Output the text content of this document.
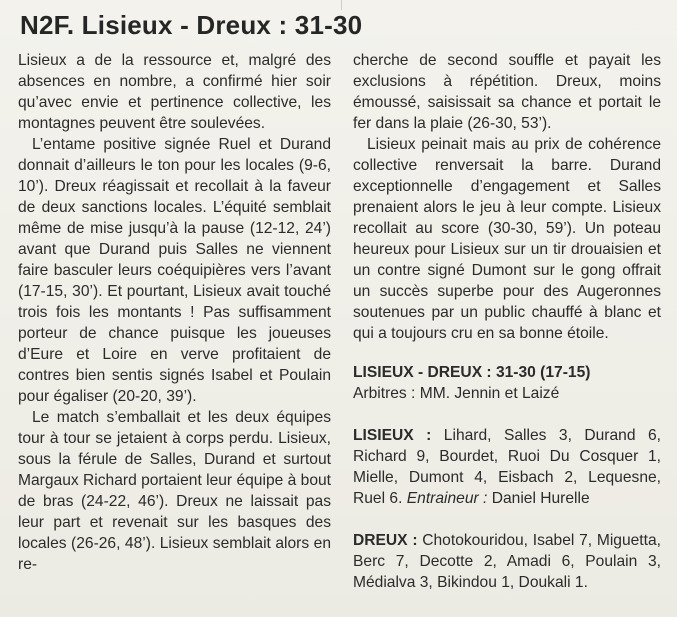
N2F. Lisieux - Dreux : 31-30

Lisieux a de la ressource et, malgré des absences en nombre, a confirmé hier soir qu’avec envie et pertinence collective, les montagnes peuvent être soulevées.

L’entame positive signée Ruel et Durand donnait d’ailleurs le ton pour les locales (9-6, 10’). Dreux réagissait et recollait à la faveur de deux sanctions locales. L’équité semblait même de mise jusqu’à la pause (12-12, 24’) avant que Durand puis Salles ne viennent faire basculer leurs coéquipières vers l’avant (17-15, 30’). Et pourtant, Lisieux avait touché trois fois les montants ! Pas suffisamment porteur de chance puisque les joueuses d’Eure et Loire en verve profitaient de contres bien sentis signés Isabel et Poulain pour égaliser (20-20, 39’).

Le match s’emballait et les deux équipes tour à tour se jetaient à corps perdu. Lisieux, sous la férule de Salles, Durand et surtout Margaux Richard portaient leur équipe à bout de bras (24-22, 46’). Dreux ne laissait pas leur part et revenait sur les basques des locales (26-26, 48’). Lisieux semblait alors en re-

cherche de second souffle et payait les exclusions à répétition. Dreux, moins émoussé, saisissait sa chance et portait le fer dans la plaie (26-30, 53’).

Lisieux peinait mais au prix de cohérence collective renversait la barre. Durand exceptionnelle d’engagement et Salles prenaient alors le jeu à leur compte. Lisieux recollait au score (30-30, 59’). Un poteau heureux pour Lisieux sur un tir drouaisien et un contre signé Dumont sur le gong offrait un succès superbe pour des Augeronnes soutenues par un public chauffé à blanc et qui a toujours cru en sa bonne étoile.

LISIEUX - DREUX : 31-30 (17-15)

Arbitres : MM. Jennin et Laizé

LISIEUX : Lihard, Salles 3, Durand 6, Richard 9, Bourdet, Ruoi Du Cosquer 1, Mielle, Dumont 4, Eisbach 2, Lequesne, Ruel 6. Entraineur : Daniel Hurelle

DREUX : Chotokouridou, Isabel 7, Miguetta, Berc 7, Decotte 2, Amadi 6, Poulain 3, Médialva 3, Bikindou 1, Doukali 1.
